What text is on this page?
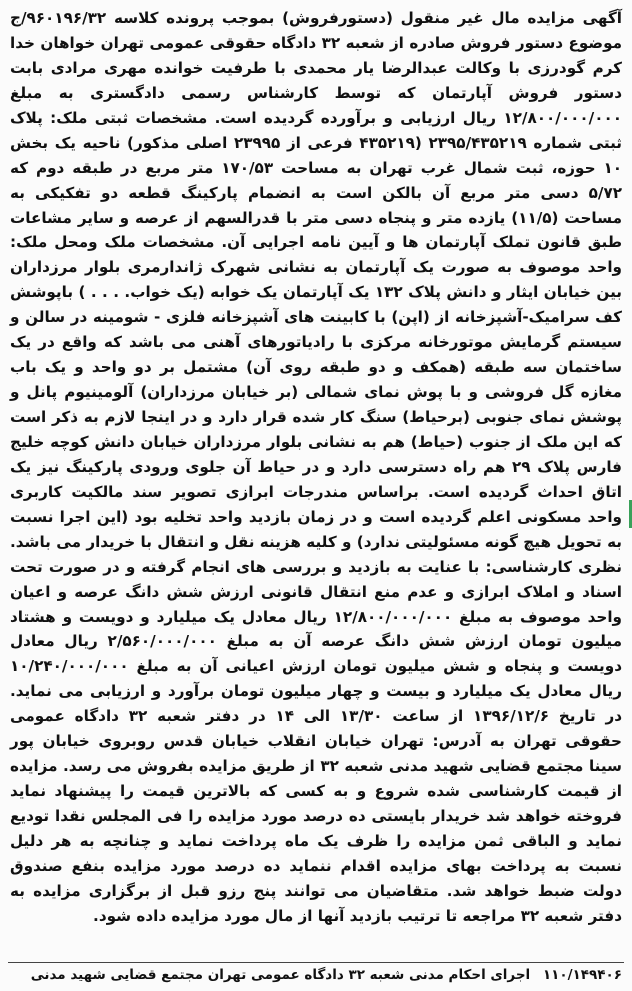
آگهی مزایده مال غیر منقول (دستورفروش) بموجب پرونده کلاسه ۹۶۰۱۹۶/۳۲/ج موضوع دستور فروش صادره از شعبه ۳۲ دادگاه حقوقی عمومی تهران خواهان خدا کرم گودرزی با وکالت عبدالرضا یار محمدی با طرفیت خوانده مهری مرادی بابت دستور فروش آپارتمان که توسط کارشناس رسمی دادگستری به مبلغ ۱۲/۸۰۰/۰۰۰/۰۰۰ ریال ارزیابی و برآورده گردیده است. مشخصات ثبتی ملک: پلاک ثبتی شماره ۲۳۹۵/۴۳۵۲۱۹ (۴۳۵۲۱۹ فرعی از ۲۳۹۹۵ اصلی مذکور) ناحیه یک بخش ۱۰ حوزه، ثبت شمال غرب تهران به مساحت ۱۷۰/۵۳ متر مربع در طبقه دوم که ۵/۷۲ دسی متر مربع آن بالکن است به انضمام پارکینگ قطعه دو تفکیکی به مساحت (۱۱/۵) یازده متر و پنجاه دسی متر با قدرالسهم از عرصه و سایر مشاعات طبق قانون تملک آپارتمان ها و آیین نامه اجرایی آن. مشخصات ملک ومحل ملک: واحد موصوف به صورت یک آپارتمان به نشانی شهرک ژاندارمری بلوار مرزداران بین خیابان ایثار و دانش پلاک ۱۳۲ یک آپارتمان یک خوابه (یک خواب. . . . ) باپوشش کف سرامیک-آشپزخانه از (اپن) با کابینت های آشپزخانه فلزی - شومینه در سالن و سیستم گرمایش موتورخانه مرکزی با رادیاتورهای آهنی می باشد که واقع در یک ساختمان سه طبقه (همکف و دو طبقه روی آن) مشتمل بر دو واحد و یک باب مغازه گل فروشی و با پوش نمای شمالی (بر خیابان مرزداران) آلومینیوم پانل و پوشش نمای جنوبی (برحیاط) سنگ کار شده قرار دارد و در اینجا لازم به ذکر است که این ملک از جنوب (حیاط) هم به نشانی بلوار مرزداران خیابان دانش کوچه خلیج فارس پلاک ۲۹ هم راه دسترسی دارد و در حیاط آن جلوی ورودی پارکینگ نیز یک اتاق احداث گردیده است. براساس مندرجات ابرازی تصویر سند مالکیت کاربری واحد مسکونی اعلم گردیده است و در زمان بازدید واحد تخلیه بود (این اجرا نسبت به تحویل هیچ گونه مسئولیتی ندارد) و کلیه هزینه نقل و انتقال با خریدار می باشد. نظری کارشناسی: با عنایت به بازدید و بررسی های انجام گرفته و در صورت تحت اسناد و املاک ابرازی و عدم منع انتقال قانونی ارزش شش دانگ عرصه و اعیان واحد موصوف به مبلغ ۱۲/۸۰۰/۰۰۰/۰۰۰ ریال معادل یک میلیارد و دویست و هشتاد میلیون تومان ارزش شش دانگ عرصه آن به مبلغ ۲/۵۶۰/۰۰۰/۰۰۰ ریال معادل دویست و پنجاه و شش میلیون تومان ارزش اعیانی آن به مبلغ ۱۰/۲۴۰/۰۰۰/۰۰۰ ریال معادل یک میلیارد و بیست و چهار میلیون تومان برآورد و ارزیابی می نماید. در تاریخ ۱۳۹۶/۱۲/۶ از ساعت ۱۳/۳۰ الی ۱۴ در دفتر شعبه ۳۲ دادگاه عمومی حقوقی تهران به آدرس: تهران خیابان انقلاب خیابان قدس روبروی خیابان پور سینا مجتمع قضایی شهید مدنی شعبه ۳۲ از طریق مزایده بفروش می رسد. مزایده از قیمت کارشناسی شده شروع و به کسی که بالاترین قیمت را پیشنهاد نماید فروخته خواهد شد خریدار بایستی ده درصد مورد مزایده را فی المجلس نقدا تودیع نماید و الباقی ثمن مزایده را ظرف یک ماه پرداخت نماید و چنانچه به هر دلیل نسبت به پرداخت بهای مزایده اقدام ننماید ده درصد مورد مزایده بنفع صندوق دولت ضبط خواهد شد. متقاضیان می توانند پنج رزو قبل از برگزاری مزایده به دفتر شعبه ۳۲ مراجعه تا ترتیب بازدید آنها از مال مورد مزایده داده شود.

۱۱۰/۱۴۹۴۰۶ اجرای احکام مدنی شعبه ۳۲ دادگاه عمومی تهران مجتمع قضایی شهید مدنی
